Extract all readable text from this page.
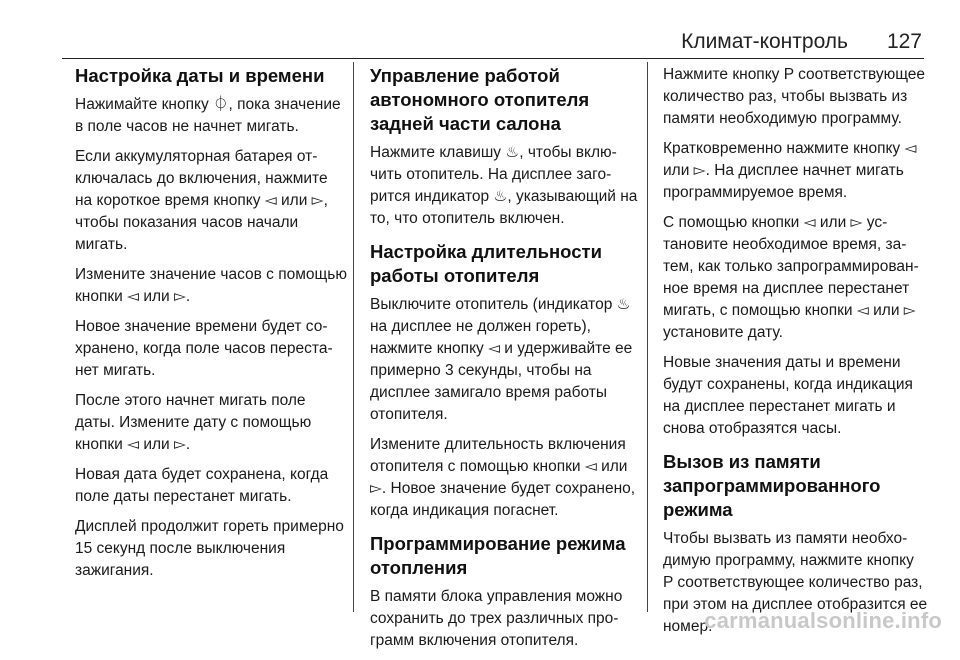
Климат-контроль 127
Настройка даты и времени

Нажимайте кнопку ⏀, пока значение в поле часов не начнет мигать.

Если аккумуляторная батарея отключалась до включения, нажмите на короткое время кнопку ◅ или ▻, чтобы показания часов начали мигать.

Измените значение часов с помощью кнопки ◅ или ▻.

Новое значение времени будет сохранено, когда поле часов перестанет мигать.

После этого начнет мигать поле даты. Измените дату с помощью кнопки ◅ или ▻.

Новая дата будет сохранена, когда поле даты перестанет мигать.

Дисплей продолжит гореть примерно 15 секунд после выключения зажигания.

Управление работой автономного отопителя задней части салона

Нажмите клавишу ♨, чтобы включить отопитель. На дисплее загорится индикатор ♨, указывающий на то, что отопитель включен.

Настройка длительности работы отопителя

Выключите отопитель (индикатор ♨ на дисплее не должен гореть), нажмите кнопку ◅ и удерживайте ее примерно 3 секунды, чтобы на дисплее замигало время работы отопителя.

Измените длительность включения отопителя с помощью кнопки ◅ или ▻. Новое значение будет сохранено, когда индикация погаснет.

Программирование режима отопления

В памяти блока управления можно сохранить до трех различных программ включения отопителя.

Нажмите кнопку P соответствующее количество раз, чтобы вызвать из памяти необходимую программу.

Кратковременно нажмите кнопку ◅ или ▻. На дисплее начнет мигать программируемое время.

С помощью кнопки ◅ или ▻ установите необходимое время, затем, как только запрограммированное время на дисплее перестанет мигать, с помощью кнопки ◅ или ▻ установите дату.

Новые значения даты и времени будут сохранены, когда индикация на дисплее перестанет мигать и снова отобразятся часы.

Вызов из памяти запрограммированного режима

Чтобы вызвать из памяти необходимую программу, нажмите кнопку P соответствующее количество раз, при этом на дисплее отобразится ее номер.

carmanualsonline.info
